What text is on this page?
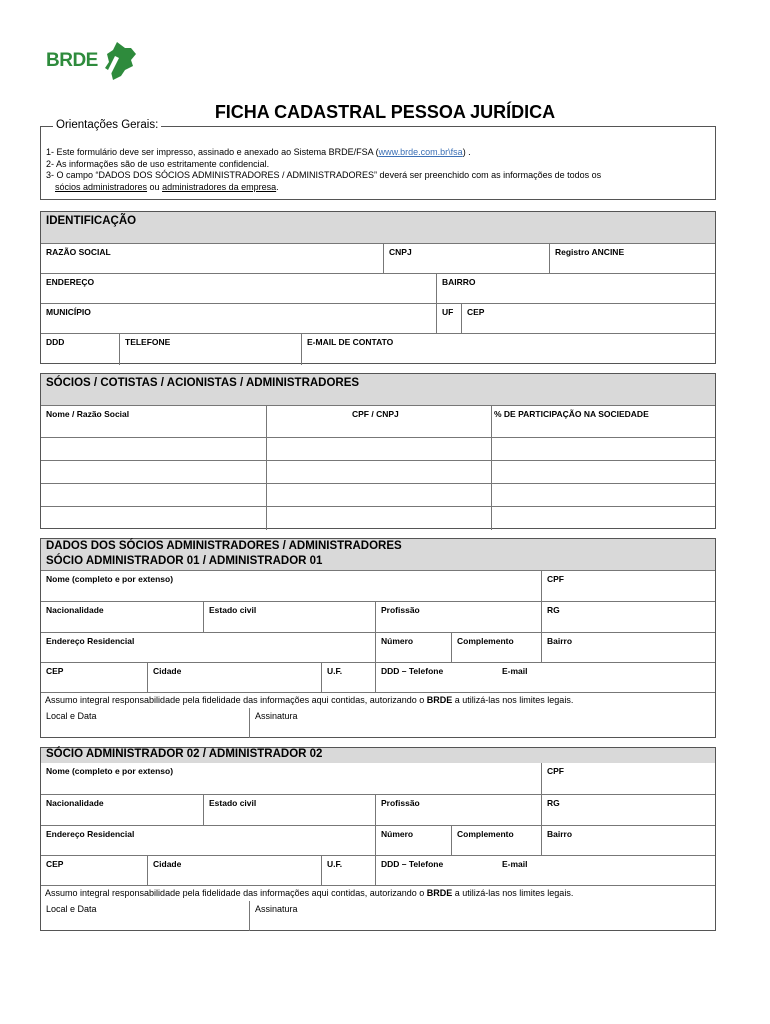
BRDE
FICHA CADASTRAL PESSOA JURÍDICA
Orientações Gerais:
1- Este formulário deve ser impresso, assinado e anexado ao Sistema BRDE/FSA (www.brde.com.br\fsa) .
2- As informações são de uso estritamente confidencial.
3- O campo “DADOS DOS SÓCIOS ADMINISTRADORES / ADMINISTRADORES” deverá ser preenchido com as informações de todos os
sócios administradores ou administradores da empresa.
IDENTIFICAÇÃO
RAZÃO SOCIAL	CNPJ	Registro ANCINE
ENDEREÇO	BAIRRO
MUNICÍPIO	UF CEP
DDD	TELEFONE	E-MAIL DE CONTATO
SÓCIOS / COTISTAS / ACIONISTAS / ADMINISTRADORES
Nome / Razão Social	CPF / CNPJ	% DE PARTICIPAÇÃO NA SOCIEDADE
DADOS DOS SÓCIOS ADMINISTRADORES / ADMINISTRADORES
SÓCIO ADMINISTRADOR 01 / ADMINISTRADOR 01
Nome (completo e por extenso)	CPF
Nacionalidade	Estado civil	Profissão	RG
Endereço Residencial	Número	Complemento	Bairro
CEP	Cidade	U.F.	DDD – Telefone	E-mail
Assumo integral responsabilidade pela fidelidade das informações aqui contidas, autorizando o BRDE a utilizá-las nos limites legais.
Local e Data	Assinatura
SÓCIO ADMINISTRADOR 02 / ADMINISTRADOR 02
Nome (completo e por extenso)	CPF
Nacionalidade	Estado civil	Profissão	RG
Endereço Residencial	Número	Complemento	Bairro
CEP	Cidade	U.F.	DDD – Telefone	E-mail
Assumo integral responsabilidade pela fidelidade das informações aqui contidas, autorizando o BRDE a utilizá-las nos limites legais.
Local e Data	Assinatura
